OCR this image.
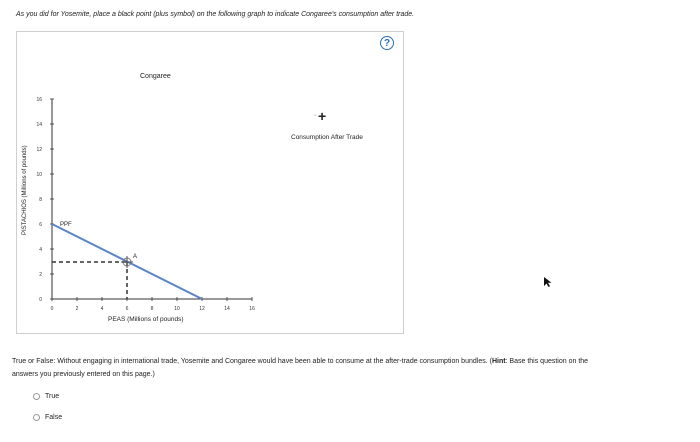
As you did for Yosemite, place a black point (plus symbol) on the following graph to indicate Congaree's consumption after trade.
?
Congaree
PISTACHIOS (Millions of pounds)
16
14
12
10
8
6
4
2
0
0	2	4	6	8	10	12	14	16
A
PPF
PEAS (Millions of pounds)
· +
Consumption After Trade
True or False: Without engaging in international trade, Yosemite and Congaree would have been able to consume at the after-trade consumption bundles. (Hint: Base this question on the answers you previously entered on this page.)
True
False
